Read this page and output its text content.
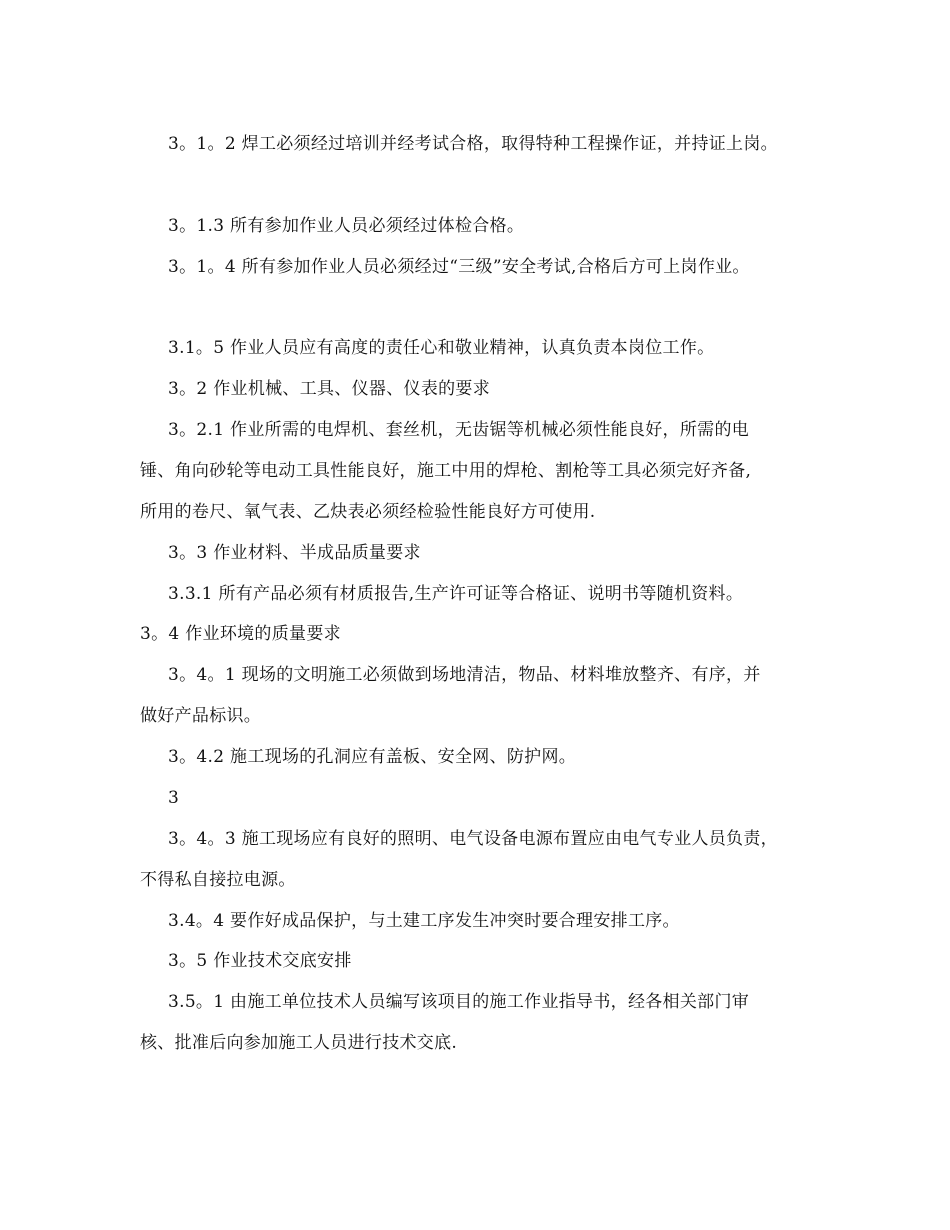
3。1。2 焊工必须经过培训并经考试合格，取得特种工程操作证，并持证上岗。
3。1.3 所有参加作业人员必须经过体检合格。
3。1。4 所有参加作业人员必须经过“三级”安全考试,合格后方可上岗作业。
3.1。5 作业人员应有高度的责任心和敬业精神，认真负责本岗位工作。
3。2 作业机械、工具、仪器、仪表的要求
3。2.1 作业所需的电焊机、套丝机，无齿锯等机械必须性能良好，所需的电
锤、角向砂轮等电动工具性能良好，施工中用的焊枪、割枪等工具必须完好齐备,
所用的卷尺、氧气表、乙炔表必须经检验性能良好方可使用.
3。3 作业材料、半成品质量要求
3.3.1 所有产品必须有材质报告,生产许可证等合格证、说明书等随机资料。
3。4 作业环境的质量要求
3。4。1 现场的文明施工必须做到场地清洁，物品、材料堆放整齐、有序，并
做好产品标识。
3。4.2 施工现场的孔洞应有盖板、安全网、防护网。
3
3。4。3 施工现场应有良好的照明、电气设备电源布置应由电气专业人员负责，
不得私自接拉电源。
3.4。4 要作好成品保护，与土建工序发生冲突时要合理安排工序。
3。5 作业技术交底安排
3.5。1 由施工单位技术人员编写该项目的施工作业指导书，经各相关部门审
核、批准后向参加施工人员进行技术交底.
